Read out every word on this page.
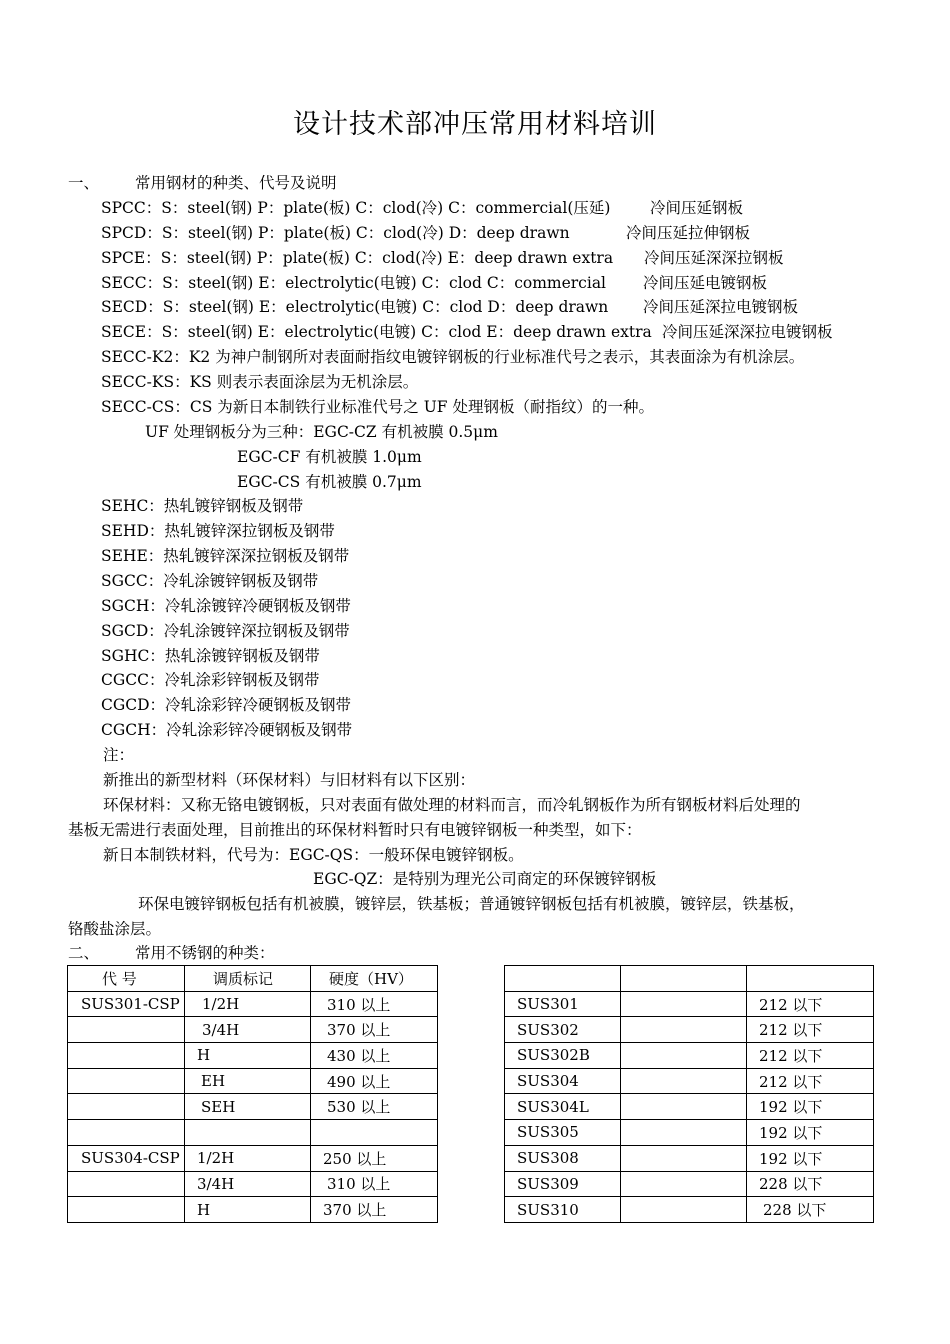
设计技术部冲压常用材料培训
一、 常用钢材的种类、代号及说明
SPCC：S：steel(钢) P：plate(板) C：clod(冷) C：commercial(压延)	冷间压延钢板
SPCD：S：steel(钢) P：plate(板) C：clod(冷) D：deep drawn	冷间压延拉伸钢板
SPCE：S：steel(钢) P：plate(板) C：clod(冷) E：deep drawn extra 冷间压延深深拉钢板
SECC：S：steel(钢) E：electrolytic(电镀) C：clod C：commercial 冷间压延电镀钢板
SECD：S：steel(钢) E：electrolytic(电镀) C：clod D：deep drawn 冷间压延深拉电镀钢板
SECE：S：steel(钢) E：electrolytic(电镀) C：clod E：deep drawn extra 冷间压延深深拉电镀钢板
SECC-K2：K2 为神户制钢所对表面耐指纹电镀锌钢板的行业标准代号之表示，其表面涂为有机涂层。
SECC-KS：KS 则表示表面涂层为无机涂层。
SECC-CS：CS 为新日本制铁行业标准代号之 UF 处理钢板（耐指纹）的一种。
UF 处理钢板分为三种：EGC-CZ 有机被膜 0.5μm
EGC-CF 有机被膜 1.0μm
EGC-CS 有机被膜 0.7μm
SEHC：热轧镀锌钢板及钢带
SEHD：热轧镀锌深拉钢板及钢带
SEHE：热轧镀锌深深拉钢板及钢带
SGCC：冷轧涂镀锌钢板及钢带
SGCH：冷轧涂镀锌冷硬钢板及钢带
SGCD：冷轧涂镀锌深拉钢板及钢带
SGHC：热轧涂镀锌钢板及钢带
CGCC：冷轧涂彩锌钢板及钢带
CGCD：冷轧涂彩锌冷硬钢板及钢带
CGCH：冷轧涂彩锌冷硬钢板及钢带
注：
新推出的新型材料（环保材料）与旧材料有以下区别：
环保材料：又称无铬电镀钢板，只对表面有做处理的材料而言，而冷轧钢板作为所有钢板材料后处理的
基板无需进行表面处理，目前推出的环保材料暂时只有电镀锌钢板一种类型，如下：
新日本制铁材料，代号为：EGC-QS：一般环保电镀锌钢板。
EGC-QZ：是特别为理光公司商定的环保镀锌钢板
环保电镀锌钢板包括有机被膜，镀锌层，铁基板；普通镀锌钢板包括有机被膜，镀锌层，铁基板，
铬酸盐涂层。
二、 常用不锈钢的种类：
代 号	调质标记	硬度（HV）
SUS301-CSP	1/2H	310 以上
	3/4H	370 以上
	H	430 以上
	EH	490 以上
	SEH	530 以上

SUS304-CSP	1/2H	250 以上
	3/4H	310 以上
	H	370 以上

SUS301		212 以下
SUS302		212 以下
SUS302B		212 以下
SUS304		212 以下
SUS304L		192 以下
SUS305		192 以下
SUS308		192 以下
SUS309		228 以下
SUS310		228 以下
